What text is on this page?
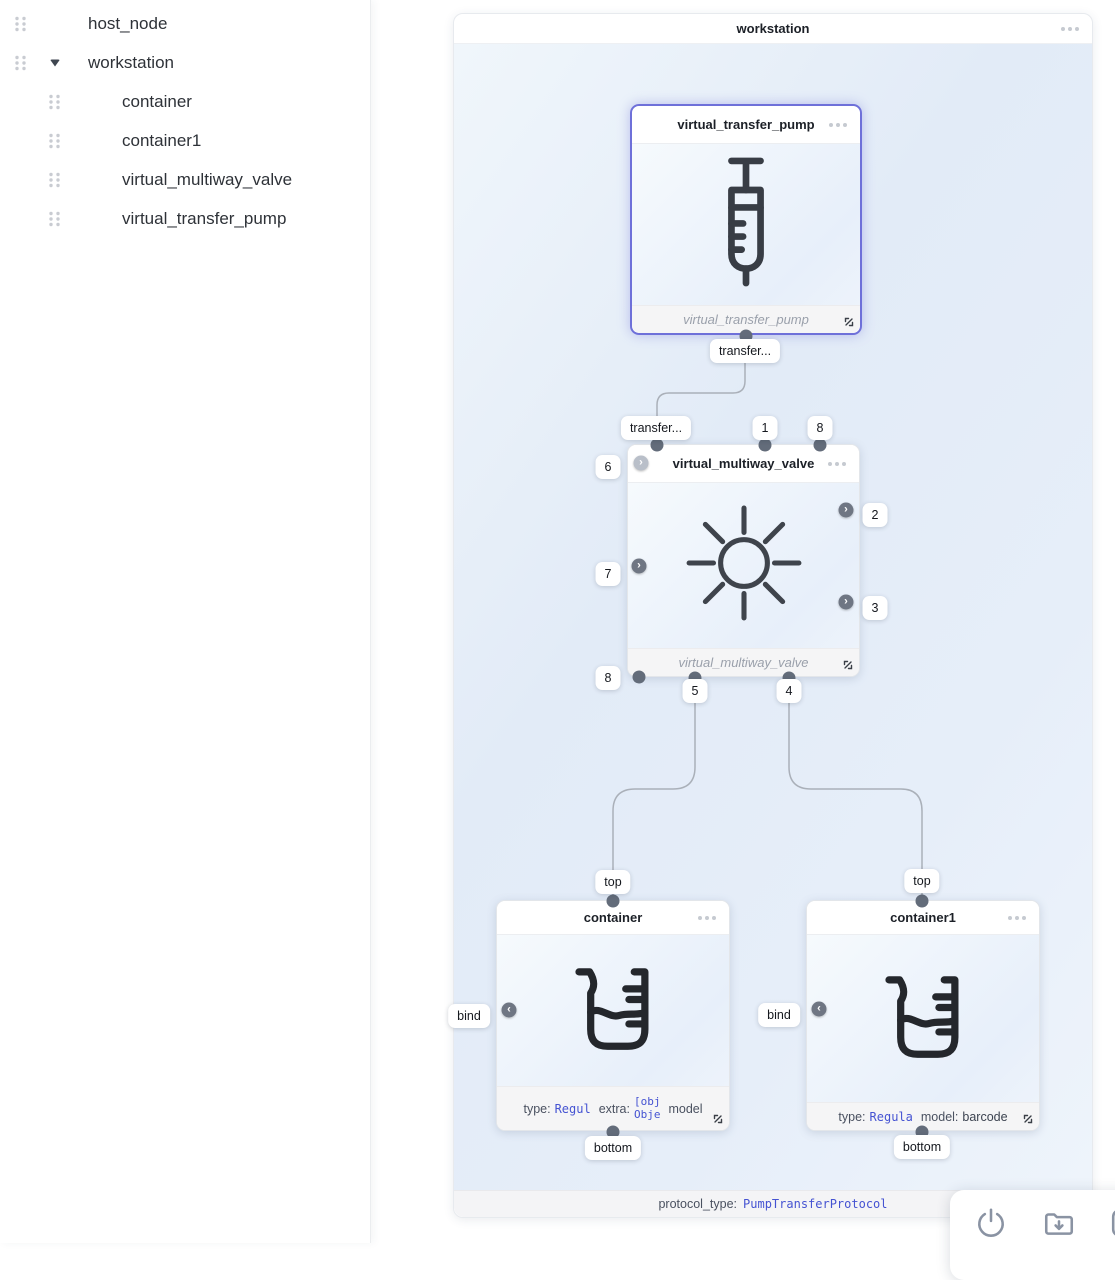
host_node
workstation
container
container1
virtual_multiway_valve
virtual_transfer_pump
workstation
protocol_type: PumpTransferProtocol
virtual_transfer_pump
virtual_transfer_pump
virtual_multiway_valve
virtual_multiway_valve
container
type: Regul extra: [obj
Obje model
container1
type: Regula model: barcode
›
›
›
›
‹	‹
transfer...
transfer...	1	8
6
7
8
2
3
5	4
top
bind
bottom
top
bind
bottom
